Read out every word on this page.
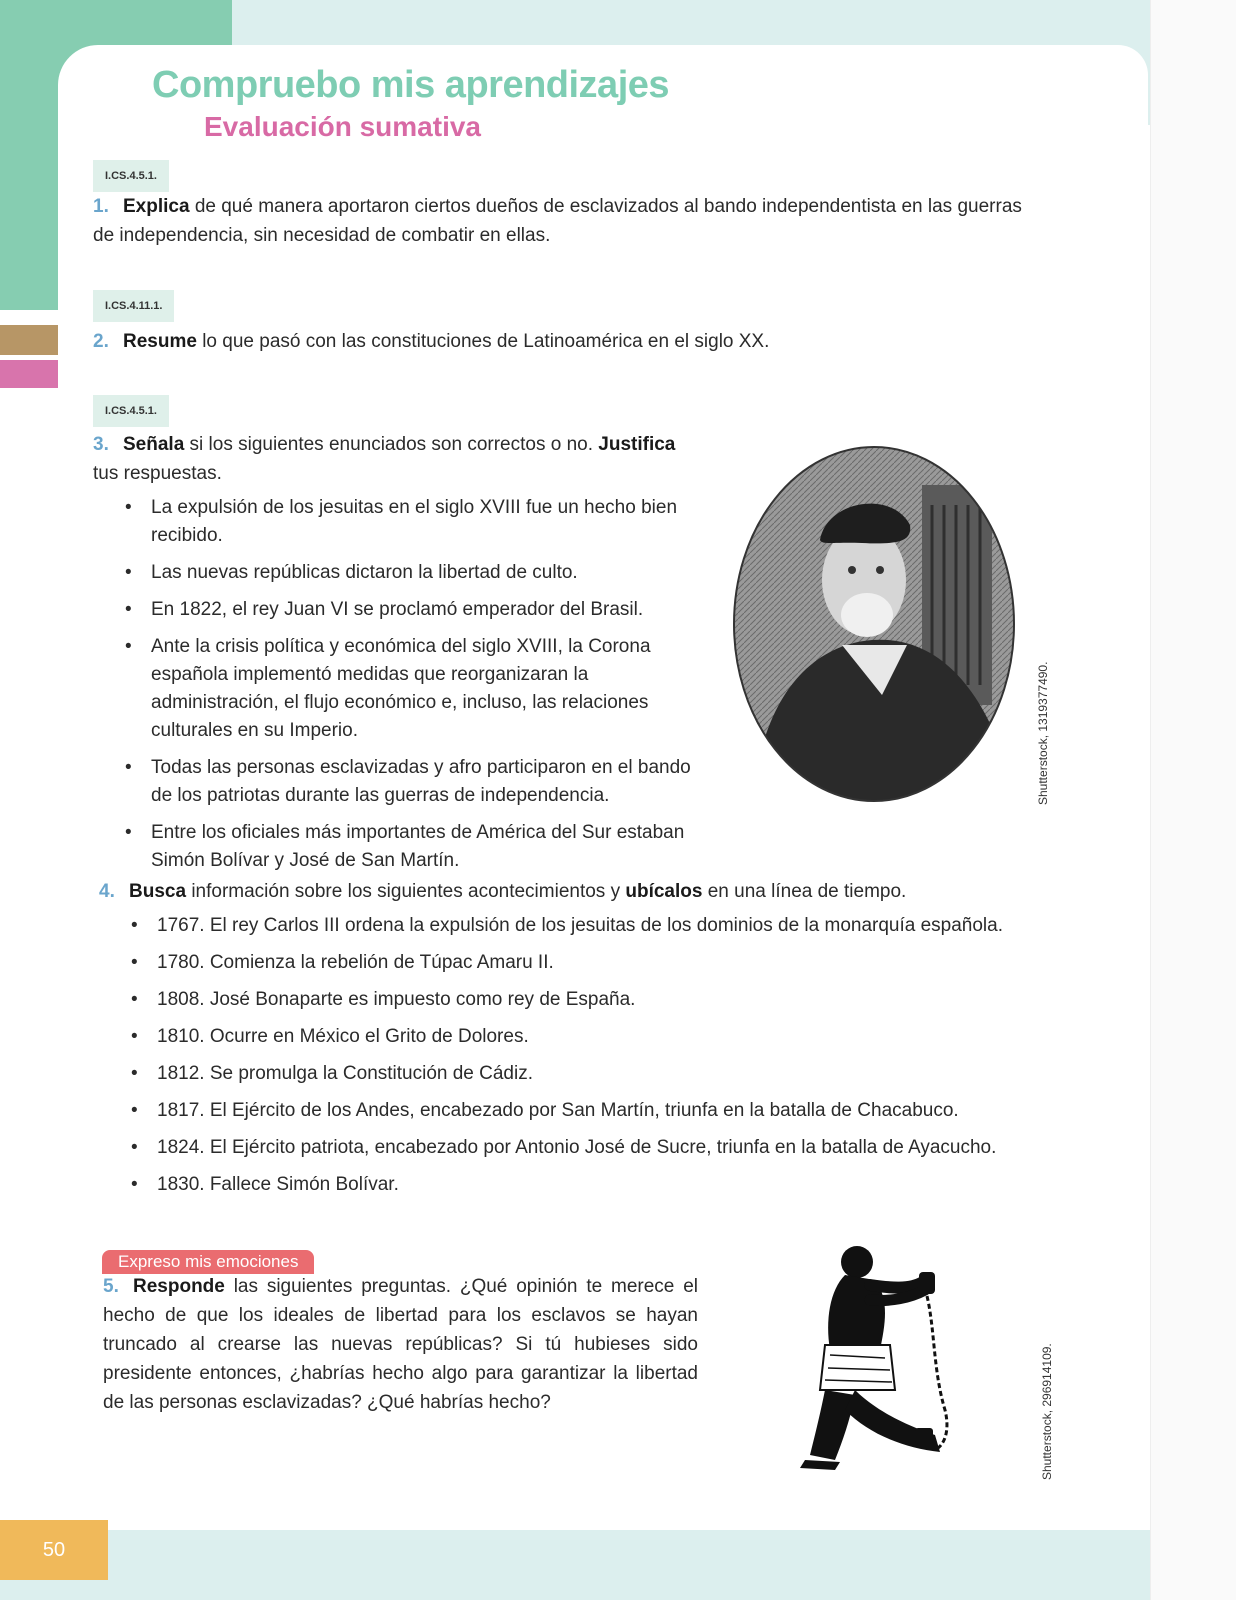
50
Compruebo mis aprendizajes
Evaluación sumativa
I.CS.4.5.1.
1. Explica de qué manera aportaron ciertos dueños de esclavizados al bando independentista en las guerras de independencia, sin necesidad de combatir en ellas.
I.CS.4.11.1.
2. Resume lo que pasó con las constituciones de Latinoamérica en el siglo XX.
I.CS.4.5.1.
3. Señala si los siguientes enunciados son correctos o no. Justifica tus respuestas.
• La expulsión de los jesuitas en el siglo XVIII fue un hecho bien recibido.
• Las nuevas repúblicas dictaron la libertad de culto.
• En 1822, el rey Juan VI se proclamó emperador del Brasil.
• Ante la crisis política y económica del siglo XVIII, la Corona española implementó medidas que reorganizaran la administración, el flujo económico e, incluso, las relaciones culturales en su Imperio.
• Todas las personas esclavizadas y afro participaron en el bando de los patriotas durante las guerras de independencia.
• Entre los oficiales más importantes de América del Sur estaban Simón Bolívar y José de San Martín.
Shutterstock, 1319377490.
4. Busca información sobre los siguientes acontecimientos y ubícalos en una línea de tiempo.
• 1767. El rey Carlos III ordena la expulsión de los jesuitas de los dominios de la monarquía española.
• 1780. Comienza la rebelión de Túpac Amaru II.
• 1808. José Bonaparte es impuesto como rey de España.
• 1810. Ocurre en México el Grito de Dolores.
• 1812. Se promulga la Constitución de Cádiz.
• 1817. El Ejército de los Andes, encabezado por San Martín, triunfa en la batalla de Chacabuco.
• 1824. El Ejército patriota, encabezado por Antonio José de Sucre, triunfa en la batalla de Ayacucho.
• 1830. Fallece Simón Bolívar.
Expreso mis emociones
5. Responde las siguientes preguntas. ¿Qué opinión te merece el hecho de que los ideales de libertad para los esclavos se hayan truncado al crearse las nuevas repúblicas? Si tú hubieses sido presidente entonces, ¿habrías hecho algo para garantizar la libertad de las personas esclavizadas? ¿Qué habrías hecho?	Shutterstock, 296914109.
